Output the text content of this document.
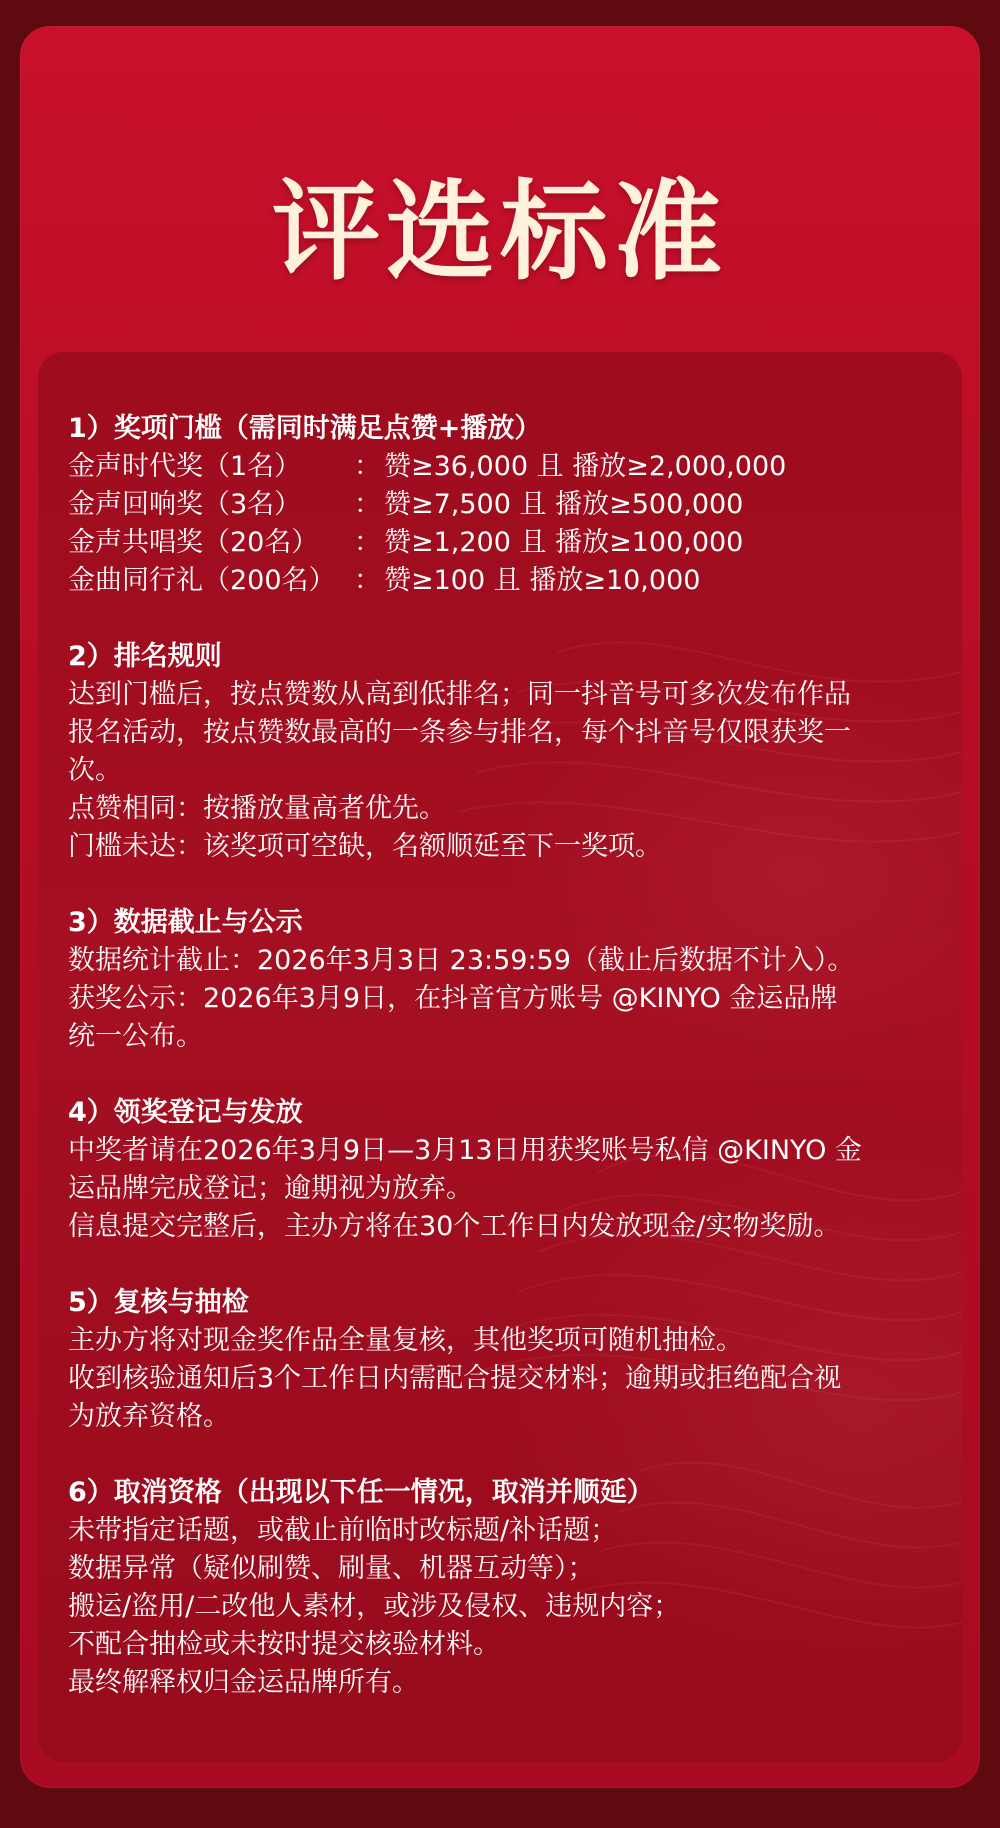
评选标准

1）奖项门槛（需同时满足点赞+播放）

金声时代奖（1名）	： 赞≥36,000 且 播放≥2,000,000
金声回响奖（3名）	： 赞≥7,500 且 播放≥500,000
金声共唱奖（20名）	： 赞≥1,200 且 播放≥100,000
金曲同行礼（200名） ： 赞≥100 且 播放≥10,000

2）排名规则

达到门槛后，按点赞数从高到低排名；同一抖音号可多次发布作品

报名活动，按点赞数最高的一条参与排名，每个抖音号仅限获奖一

次。

点赞相同：按播放量高者优先。

门槛未达：该奖项可空缺，名额顺延至下一奖项。

3）数据截止与公示

数据统计截止：2026年3月3日 23:59:59（截止后数据不计入）。

获奖公示：2026年3月9日，在抖音官方账号 @KINYO 金运品牌

统一公布。

4）领奖登记与发放

中奖者请在2026年3月9日—3月13日用获奖账号私信 @KINYO 金

运品牌完成登记；逾期视为放弃。

信息提交完整后，主办方将在30个工作日内发放现金/实物奖励。

5）复核与抽检

主办方将对现金奖作品全量复核，其他奖项可随机抽检。

收到核验通知后3个工作日内需配合提交材料；逾期或拒绝配合视

为放弃资格。

6）取消资格（出现以下任一情况，取消并顺延）

未带指定话题，或截止前临时改标题/补话题；

数据异常（疑似刷赞、刷量、机器互动等）；

搬运/盗用/二改他人素材，或涉及侵权、违规内容；

不配合抽检或未按时提交核验材料。

最终解释权归金运品牌所有。
